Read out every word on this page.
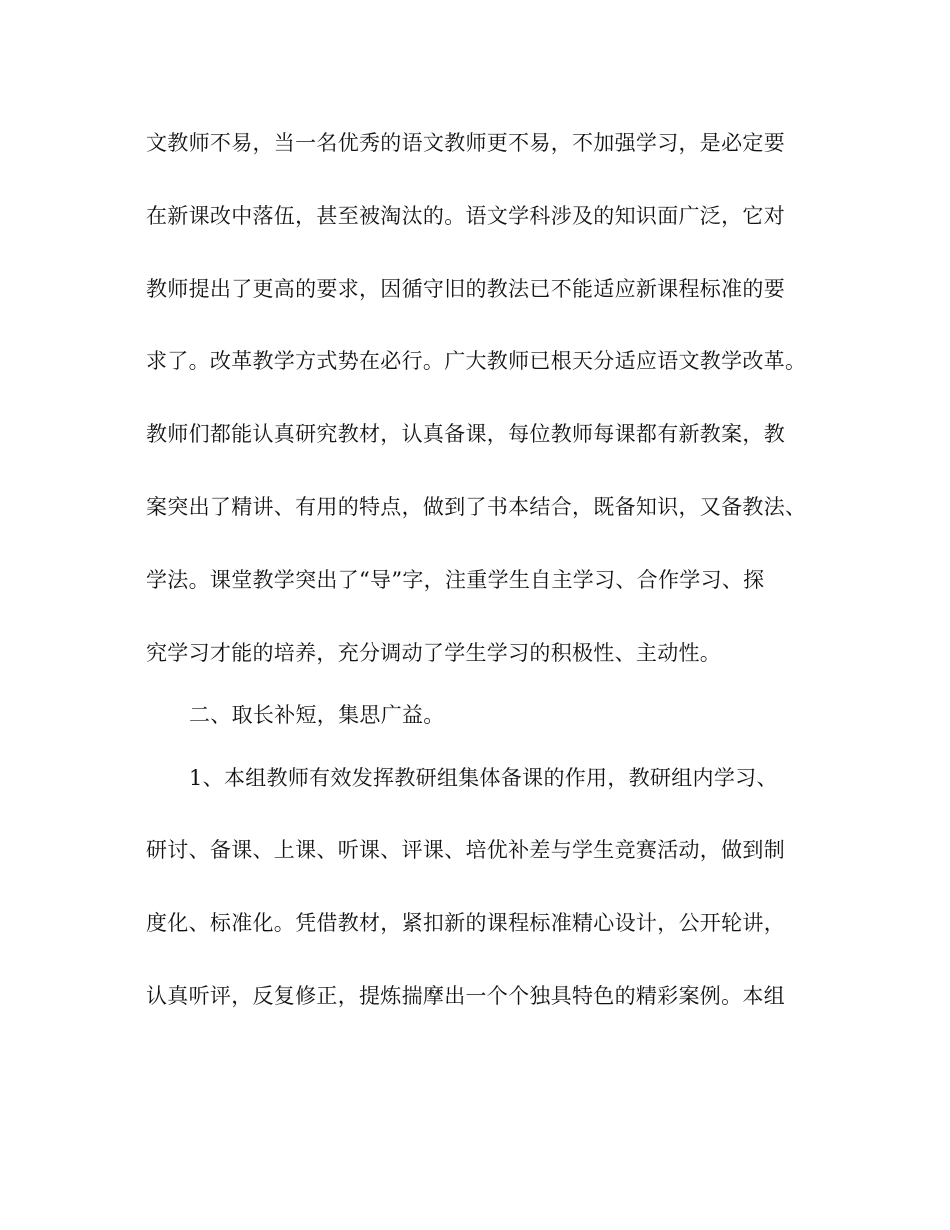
文教师不易，当一名优秀的语文教师更不易，不加强学习，是必定要
在新课改中落伍，甚至被淘汰的。语文学科涉及的知识面广泛，它对
教师提出了更高的要求，因循守旧的教法已不能适应新课程标准的要
求了。改革教学方式势在必行。广大教师已根天分适应语文教学改革。
教师们都能认真研究教材，认真备课，每位教师每课都有新教案，教
案突出了精讲、有用的特点，做到了书本结合，既备知识，又备教法、
学法。课堂教学突出了“导”字，注重学生自主学习、合作学习、探
究学习才能的培养，充分调动了学生学习的积极性、主动性。
二、取长补短，集思广益。
1、本组教师有效发挥教研组集体备课的作用，教研组内学习、
研讨、备课、上课、听课、评课、培优补差与学生竞赛活动，做到制
度化、标准化。凭借教材，紧扣新的课程标准精心设计，公开轮讲，
认真听评，反复修正，提炼揣摩出一个个独具特色的精彩案例。本组
